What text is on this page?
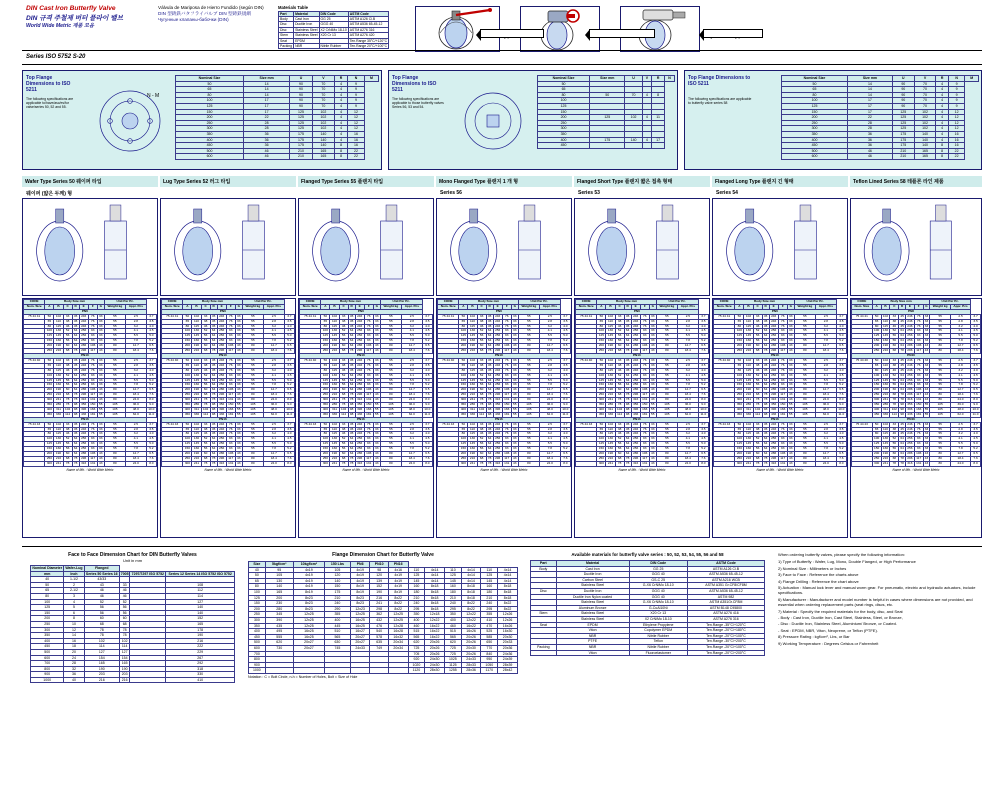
DIN Cast Iron Butterfly Valve
DIN 규격 주철제 버터 플라이 밸브
World Wide Metric 제품 모음
Válvula de Mariposa de Hierro Fundido (según DIN)
DIN 型鋳鉄バタフライバルブ DIN 型鋳鉄規網
Чугунные клапаны-бабочки (DIN)
Materials Table
Part	Material	DIN Code	ASTM Code
Body	Cast Iron	GG 25	ASTM A126 Cl.B
Disc	Ductile Iron	GGG 40	ASTM A536 65-45-12
Disc	Stainless Steel	X2 CrNiMo 18-10	ASTM A276 316
Stem	Stainless Steel	X20 Cr 13	ASTM A276 420
Seat	EPDM		Ten.Range 35°C/+120°C
Packing	NBR	Nitrile Rubber	Ten.Range 20°C/+100°C
Series ISO 5752 S-20
Top Flange Dimensions to ISO 5211
The following specifications are applicable to/have/asc/es/for valve/series 50, 52 and 55.
N - M
Nominal Size	Size mm	U	V	R	N	M
50	14	90	70	4	9	
65	14	90	70	4	9	
80	14	90	70	4	9	
100	17	90	70	4	9	
125	17	90	70	4	9	
150	17	125	102	4	12	
200	22	125	102	4	12	
250	28	125	102	4	12	
300	28	125	102	4	12	
350	36	175	140	4	16	
400	36	175	140	4	16	
450	36	175	140	8	16	
500	46	210	165	8	22	
600	46	210	165	8	22	
Top Flange Dimensions to ISO 5211
The following specifications are applicable to those butterfly valves Series 56, 53 and 54.
Nominal Size	Size mm	U	V	R	N
50					
65					
80	50	70	4	8	
100					
125					
150					
200	125	102	4	11	
250					
300					
350					
400	175	140	4	17	
450					
Top Flange Dimensions to ISO 5211
The following specifications are applicable to butterfly valve series 58
Nominal Size	Size mm	U	V	R	N	M
50	14	90	70	4	9	
65	14	90	70	4	9	
80	14	90	70	4	9	
100	17	90	70	4	9	
125	17	90	70	4	9	
150	17	125	102	4	12	
200	22	125	102	4	12	
250	28	125	102	4	12	
300	28	125	102	4	12	
350	36	175	140	4	16	
400	36	175	140	4	16	
450	36	175	140	8	16	
500	46	210	165	8	22	
600	46	210	165	8	22	
Wafer Type Series 50 웨이퍼 타입
웨이퍼 (얇은 두께) 형
CODE	Body Size mm							Unit Per Pc.		
Nom. Size	A	B	C	D	E	F	G	Weight kg	Appr. Pcs	
PN6										
75 44 41	50	102	33	45	246	76	33	55	2.5	3.7
	65	110	38	45	246	76	33	55	2.8	3.5
	80	115	46	45	246	76	33	55	3.2	4.0
	100	130	52	64	256	93	33	55	4.1	4.5
	125	145	56	64	256	93	33	55	5.5	5.0
	150	160	56	64	256	93	33	55	7.8	5.2
	200	190	60	64	286	106	43	80	12.7	6.5
	250	216	68	78	296	117	43	80	18.4	7.6
PN10										
75 44 40	50	102	33	45	246	76	33	55	2.5	3.7
	65	110	38	45	246	76	33	55	2.8	3.5
	80	115	46	45	246	76	33	55	3.2	4.0
	100	130	52	64	256	93	33	55	4.1	4.5
	125	145	56	64	256	93	33	55	5.5	5.0
	150	160	56	64	256	93	33	55	7.8	5.2
	200	190	60	64	286	106	43	80	12.7	6.5
	250	216	68	78	296	117	43	80	18.4	7.6
	300	241	78	78	316	131	43	80	24.0	8.0
	350	286	78	98	356	150	55	105	36.0	9.0
	400	311	102	98	396	166	55	105	48.0	10.0
	450	336	114	98	436	181	55	105	62.0	11.0
PN16										
75 44 43	50	102	33	45	246	76	33	55	2.5	3.7
	65	110	38	45	246	76	33	55	2.8	3.5
	80	115	46	45	246	76	33	55	3.2	4.0
	100	130	52	64	256	93	33	55	4.1	4.5
	125	145	56	64	256	93	33	55	5.5	5.0
	150	160	56	64	256	93	33	55	7.8	5.2
	200	190	60	64	286	106	43	80	12.7	6.5
	250	216	68	78	296	117	43	80	18.4	7.6
	300	241	78	78	316	131	43	80	24.0	8.0
Name of Mfr. : World Wide Metric
Lug Type Series 52 러그 타입
CODE	Body Size mm							Unit Per Pc.		
Nom. Size	A	B	C	D	E	F	G	Weight kg	Appr. Pcs	
PN6										
75 44 41	50	102	33	45	246	76	33	55	2.5	3.7
	65	110	38	45	246	76	33	55	2.8	3.5
	80	115	46	45	246	76	33	55	3.2	4.0
	100	130	52	64	256	93	33	55	4.1	4.5
	125	145	56	64	256	93	33	55	5.5	5.0
	150	160	56	64	256	93	33	55	7.8	5.2
	200	190	60	64	286	106	43	80	12.7	6.5
	250	216	68	78	296	117	43	80	18.4	7.6
PN10										
75 44 40	50	102	33	45	246	76	33	55	2.5	3.7
	65	110	38	45	246	76	33	55	2.8	3.5
	80	115	46	45	246	76	33	55	3.2	4.0
	100	130	52	64	256	93	33	55	4.1	4.5
	125	145	56	64	256	93	33	55	5.5	5.0
	150	160	56	64	256	93	33	55	7.8	5.2
	200	190	60	64	286	106	43	80	12.7	6.5
	250	216	68	78	296	117	43	80	18.4	7.6
	300	241	78	78	316	131	43	80	24.0	8.0
	350	286	78	98	356	150	55	105	36.0	9.0
	400	311	102	98	396	166	55	105	48.0	10.0
	450	336	114	98	436	181	55	105	62.0	11.0
PN16										
75 44 43	50	102	33	45	246	76	33	55	2.5	3.7
	65	110	38	45	246	76	33	55	2.8	3.5
	80	115	46	45	246	76	33	55	3.2	4.0
	100	130	52	64	256	93	33	55	4.1	4.5
	125	145	56	64	256	93	33	55	5.5	5.0
	150	160	56	64	256	93	33	55	7.8	5.2
	200	190	60	64	286	106	43	80	12.7	6.5
	250	216	68	78	296	117	43	80	18.4	7.6
	300	241	78	78	316	131	43	80	24.0	8.0
Name of Mfr. : World Wide Metric
Flanged Type Series 55 플랜지 타입
CODE	Body Size mm							Unit Per Pc.		
Nom. Size	A	B	C	D	E	F	G	Weight kg	Appr. Pcs	
PN6										
75 44 41	50	102	33	45	246	76	33	55	2.5	3.7
	65	110	38	45	246	76	33	55	2.8	3.5
	80	115	46	45	246	76	33	55	3.2	4.0
	100	130	52	64	256	93	33	55	4.1	4.5
	125	145	56	64	256	93	33	55	5.5	5.0
	150	160	56	64	256	93	33	55	7.8	5.2
	200	190	60	64	286	106	43	80	12.7	6.5
	250	216	68	78	296	117	43	80	18.4	7.6
PN10										
75 44 40	50	102	33	45	246	76	33	55	2.5	3.7
	65	110	38	45	246	76	33	55	2.8	3.5
	80	115	46	45	246	76	33	55	3.2	4.0
	100	130	52	64	256	93	33	55	4.1	4.5
	125	145	56	64	256	93	33	55	5.5	5.0
	150	160	56	64	256	93	33	55	7.8	5.2
	200	190	60	64	286	106	43	80	12.7	6.5
	250	216	68	78	296	117	43	80	18.4	7.6
	300	241	78	78	316	131	43	80	24.0	8.0
	350	286	78	98	356	150	55	105	36.0	9.0
	400	311	102	98	396	166	55	105	48.0	10.0
	450	336	114	98	436	181	55	105	62.0	11.0
PN16										
75 44 43	50	102	33	45	246	76	33	55	2.5	3.7
	65	110	38	45	246	76	33	55	2.8	3.5
	80	115	46	45	246	76	33	55	3.2	4.0
	100	130	52	64	256	93	33	55	4.1	4.5
	125	145	56	64	256	93	33	55	5.5	5.0
	150	160	56	64	256	93	33	55	7.8	5.2
	200	190	60	64	286	106	43	80	12.7	6.5
	250	216	68	78	296	117	43	80	18.4	7.6
	300	241	78	78	316	131	43	80	24.0	8.0
Name of Mfr. : World Wide Metric
Mono Flanged Type 플랜지 1 개 형
Series 56
CODE	Body Size mm							Unit Per Pc.		
Nom. Size	A	B	C	D	E	F	G	Weight kg	Appr. Pcs	
PN6										
75 44 41	50	102	33	45	246	76	33	55	2.5	3.7
	65	110	38	45	246	76	33	55	2.8	3.5
	80	115	46	45	246	76	33	55	3.2	4.0
	100	130	52	64	256	93	33	55	4.1	4.5
	125	145	56	64	256	93	33	55	5.5	5.0
	150	160	56	64	256	93	33	55	7.8	5.2
	200	190	60	64	286	106	43	80	12.7	6.5
	250	216	68	78	296	117	43	80	18.4	7.6
PN10										
75 44 40	50	102	33	45	246	76	33	55	2.5	3.7
	65	110	38	45	246	76	33	55	2.8	3.5
	80	115	46	45	246	76	33	55	3.2	4.0
	100	130	52	64	256	93	33	55	4.1	4.5
	125	145	56	64	256	93	33	55	5.5	5.0
	150	160	56	64	256	93	33	55	7.8	5.2
	200	190	60	64	286	106	43	80	12.7	6.5
	250	216	68	78	296	117	43	80	18.4	7.6
	300	241	78	78	316	131	43	80	24.0	8.0
	350	286	78	98	356	150	55	105	36.0	9.0
	400	311	102	98	396	166	55	105	48.0	10.0
	450	336	114	98	436	181	55	105	62.0	11.0
PN16										
75 44 43	50	102	33	45	246	76	33	55	2.5	3.7
	65	110	38	45	246	76	33	55	2.8	3.5
	80	115	46	45	246	76	33	55	3.2	4.0
	100	130	52	64	256	93	33	55	4.1	4.5
	125	145	56	64	256	93	33	55	5.5	5.0
	150	160	56	64	256	93	33	55	7.8	5.2
	200	190	60	64	286	106	43	80	12.7	6.5
	250	216	68	78	296	117	43	80	18.4	7.6
	300	241	78	78	316	131	43	80	24.0	8.0
Name of Mfr. : World Wide Metric
Flanged Short Type 플랜지 짧은 접촉 형태
Series 53
CODE	Body Size mm							Unit Per Pc.		
Nom. Size	A	B	C	D	E	F	G	Weight kg	Appr. Pcs	
PN6										
75 44 41	50	102	33	45	246	76	33	55	2.5	3.7
	65	110	38	45	246	76	33	55	2.8	3.5
	80	115	46	45	246	76	33	55	3.2	4.0
	100	130	52	64	256	93	33	55	4.1	4.5
	125	145	56	64	256	93	33	55	5.5	5.0
	150	160	56	64	256	93	33	55	7.8	5.2
	200	190	60	64	286	106	43	80	12.7	6.5
	250	216	68	78	296	117	43	80	18.4	7.6
PN10										
75 44 40	50	102	33	45	246	76	33	55	2.5	3.7
	65	110	38	45	246	76	33	55	2.8	3.5
	80	115	46	45	246	76	33	55	3.2	4.0
	100	130	52	64	256	93	33	55	4.1	4.5
	125	145	56	64	256	93	33	55	5.5	5.0
	150	160	56	64	256	93	33	55	7.8	5.2
	200	190	60	64	286	106	43	80	12.7	6.5
	250	216	68	78	296	117	43	80	18.4	7.6
	300	241	78	78	316	131	43	80	24.0	8.0
	350	286	78	98	356	150	55	105	36.0	9.0
	400	311	102	98	396	166	55	105	48.0	10.0
	450	336	114	98	436	181	55	105	62.0	11.0
PN16										
75 44 43	50	102	33	45	246	76	33	55	2.5	3.7
	65	110	38	45	246	76	33	55	2.8	3.5
	80	115	46	45	246	76	33	55	3.2	4.0
	100	130	52	64	256	93	33	55	4.1	4.5
	125	145	56	64	256	93	33	55	5.5	5.0
	150	160	56	64	256	93	33	55	7.8	5.2
	200	190	60	64	286	106	43	80	12.7	6.5
	250	216	68	78	296	117	43	80	18.4	7.6
	300	241	78	78	316	131	43	80	24.0	8.0
Name of Mfr. : World Wide Metric
Flanged Long Type 플랜지 긴 형태
Series 54
CODE	Body Size mm							Unit Per Pc.		
Nom. Size	A	B	C	D	E	F	G	Weight kg	Appr. Pcs	
PN6										
75 44 41	50	102	33	45	246	76	33	55	2.5	3.7
	65	110	38	45	246	76	33	55	2.8	3.5
	80	115	46	45	246	76	33	55	3.2	4.0
	100	130	52	64	256	93	33	55	4.1	4.5
	125	145	56	64	256	93	33	55	5.5	5.0
	150	160	56	64	256	93	33	55	7.8	5.2
	200	190	60	64	286	106	43	80	12.7	6.5
	250	216	68	78	296	117	43	80	18.4	7.6
PN10										
75 44 40	50	102	33	45	246	76	33	55	2.5	3.7
	65	110	38	45	246	76	33	55	2.8	3.5
	80	115	46	45	246	76	33	55	3.2	4.0
	100	130	52	64	256	93	33	55	4.1	4.5
	125	145	56	64	256	93	33	55	5.5	5.0
	150	160	56	64	256	93	33	55	7.8	5.2
	200	190	60	64	286	106	43	80	12.7	6.5
	250	216	68	78	296	117	43	80	18.4	7.6
	300	241	78	78	316	131	43	80	24.0	8.0
	350	286	78	98	356	150	55	105	36.0	9.0
	400	311	102	98	396	166	55	105	48.0	10.0
	450	336	114	98	436	181	55	105	62.0	11.0
PN16										
75 44 43	50	102	33	45	246	76	33	55	2.5	3.7
	65	110	38	45	246	76	33	55	2.8	3.5
	80	115	46	45	246	76	33	55	3.2	4.0
	100	130	52	64	256	93	33	55	4.1	4.5
	125	145	56	64	256	93	33	55	5.5	5.0
	150	160	56	64	256	93	33	55	7.8	5.2
	200	190	60	64	286	106	43	80	12.7	6.5
	250	216	68	78	296	117	43	80	18.4	7.6
	300	241	78	78	316	131	43	80	24.0	8.0
Name of Mfr. : World Wide Metric
Teflon Lined Series 58 테플론 라인 제품
CODE	Body Size mm							Unit Per Pc.		
Nom. Size	A	B	C	D	E	F	G	Weight kg	Appr. Pcs	
PN6										
75 44 41	50	102	33	45	246	76	33	55	2.5	3.7
	65	110	38	45	246	76	33	55	2.8	3.5
	80	115	46	45	246	76	33	55	3.2	4.0
	100	130	52	64	256	93	33	55	4.1	4.5
	125	145	56	64	256	93	33	55	5.5	5.0
	150	160	56	64	256	93	33	55	7.8	5.2
	200	190	60	64	286	106	43	80	12.7	6.5
	250	216	68	78	296	117	43	80	18.4	7.6
PN10										
75 44 40	50	102	33	45	246	76	33	55	2.5	3.7
	65	110	38	45	246	76	33	55	2.8	3.5
	80	115	46	45	246	76	33	55	3.2	4.0
	100	130	52	64	256	93	33	55	4.1	4.5
	125	145	56	64	256	93	33	55	5.5	5.0
	150	160	56	64	256	93	33	55	7.8	5.2
	200	190	60	64	286	106	43	80	12.7	6.5
	250	216	68	78	296	117	43	80	18.4	7.6
	300	241	78	78	316	131	43	80	24.0	8.0
	350	286	78	98	356	150	55	105	36.0	9.0
	400	311	102	98	396	166	55	105	48.0	10.0
	450	336	114	98	436	181	55	105	62.0	11.0
PN16										
75 44 43	50	102	33	45	246	76	33	55	2.5	3.7
	65	110	38	45	246	76	33	55	2.8	3.5
	80	115	46	45	246	76	33	55	3.2	4.0
	100	130	52	64	256	93	33	55	4.1	4.5
	125	145	56	64	256	93	33	55	5.5	5.0
	150	160	56	64	256	93	33	55	7.8	5.2
	200	190	60	64	286	106	43	80	12.7	6.5
	250	216	68	78	296	117	43	80	18.4	7.6
	300	241	78	78	316	131	43	80	24.0	8.0
Name of Mfr. : World Wide Metric
Face to Face Dimension Chart for DIN Butterfly Valves
Unit in mm
Nominal Diameter	Wafer-Lug	Flanged			
mm	Inch	Series 50 Series 16	7005	7297/7297 ISO 5752	Series 12 Series 14 ISO 5752 ISO 5752
40	1-1/2	43/33			
50	2	43	33		108
65	2-1/2	46	46		112
80	3	46	46		114
100	4	52	52		127
125	5	56	56		140
150	6	56	56		140
200	8	60	60		152
250	10	68	68		165
300	12	78	78		178
350	14	78	78		190
400	16	102	102		216
450	18	114	114		222
500	20	127	127		229
600	24	154	154		267
700	28	165	165		292
800	32	190	190		318
900	36	203	203		330
1000	40	216	216		410
Flange Dimension Chart for Butterfly Valve
Size	5kgf/cm²	10kgf/cm²	150 Lbs	PN6	PN10	PN16						
40	95	4x19	105	4x19	98	4x16	110	4x14	110	4x14	110	4x14
50	105	4x19	120	4x19	120	4x19	125	4x14	125	4x14	125	4x14
65	130	4x19	140	4x19	139	4x19	145	4x14	145	4x14	145	4x14
80	140	4x19	150	8x19	152	4x19	160	8x18	160	8x18	160	8x18
100	165	8x19	175	8x19	190	8x19	180	8x18	180	8x18	180	8x18
125	200	8x23	210	8x23	216	8x22	210	8x18	210	8x18	210	8x18
150	230	8x23	240	8x23	241	8x22	240	8x18	240	8x22	240	8x22
200	280	8x23	290	12x23	298	8x22	295	8x18	295	8x22	295	8x22
250	345	12x25	355	12x25	362	12x25	350	12x18	350	12x22	355	12x26
300	390	12x25	400	16x25	432	12x25	400	12x22	400	12x22	410	12x26
350	435	12x25	445	16x25	476	12x28	460	16x22	460	16x22	470	16x26
400	495	16x25	510	16x27	540	16x28	515	16x22	515	16x26	525	16x30
450	555	16x25	565	20x27	578	16x32	565	16x22	565	20x26	585	20x30
500	620	20x27	630	20x27	635	20x34	620	20x26	620	20x26	650	20x33
600	730	20x27	745	24x33	749	20x34	725	20x26	725	20x30	770	20x36
700							705	20x26	725	20x26	840	24x36
800							920	24x30	1025	24x33	950	24x39
900							1020	24x30	1125	28x33	1050	28x39
1000							1120	28x30	1255	28x36	1170	28x42
Notation : C = Bolt Circle, n-h = Number of Holes, Bolt = Size of Hole
Available materials for butterfly valve series : 50, 52, 53, 54, 55, 56 and 58
Part	Material	DIN Code	ASTM Code
Body	Cast Iron	GG 25	ASTM A126 Cl.B
	Ductile Iron	GGG 40	ASTM A536 65-45-12
	Carbon Steel	GS-C 25	ASTM A216 WCB
	Stainless Steel	G-X6 CrNiMo 18-10	ASTM A351 Gr.CF8/CF8M
Disc	Ductile Iron	GGG 40	ASTM A536 65-45-12
	Ductile Iron Nylon coated	GGG 40	ASTM 982
	Stainless Steel	G-X6 CrNiMo 18-10	ASTM A351Gr.CF8M
	Aluminum Bronze	G-CuAl10Ni	ASTM B148 C95800
Stem	Stainless Steel	X20 Cr 13	ASTM A276 416
	Stainless Steel	X2 CrNiMo 18-10	ASTM A276 316
Seat	EPDM	Ethylene Propylene	Ten.Range -35°C/+120°C
	Viton	Copolymer EPDM	Ten.Range -20°C/+180°C
	NBR	Nitrile Rubber	Ten.Range -20°C/+100°C
	PTFE	Teflon	Ten.Range -30°C/+200°C
Packing	NBR	Nitrile Rubber	Ten.Range -20°C/+100°C
	Viton	Fluoroelastomer	Ten.Range -20°C/+200°C
When ordering butterfly valves, please specify the following information:
1) Type of Butterfly : Wafer, Lug, Mono, Double Flanged, or High Performance
2) Nominal Size : Millimeters or Inches
3) Face to Face : Reference the charts above
4) Flange Drilling : Reference the chart above
5) Actuation : Manual lock lever and manual worm gear. For pneumatic, electric and hydraulic actuators, include specifications.
6) Manufacturer : Manufacturer and model number is helpful in cases where dimensions are not provided, and essential when ordering replacement parts (seat rings, discs, etc.
7) Material : Specify the required materials for the body, disc, and Seat
- Body : Cast Iron, Ductile Iron, Cast Steel, Stainless, Steel, or Bronze,
- Disc : Ductile Iron, Stainless Steel, Aluminium/ Bronze, or Coated.
- Seat : EPDM, NBR, Viton, Neoprene, or Teflon (PTFE).
8) Pressure Rating : kgf/cm², Lbs, or Bar
9) Working Temperature : Degrees Celsius or Fahrenheit
